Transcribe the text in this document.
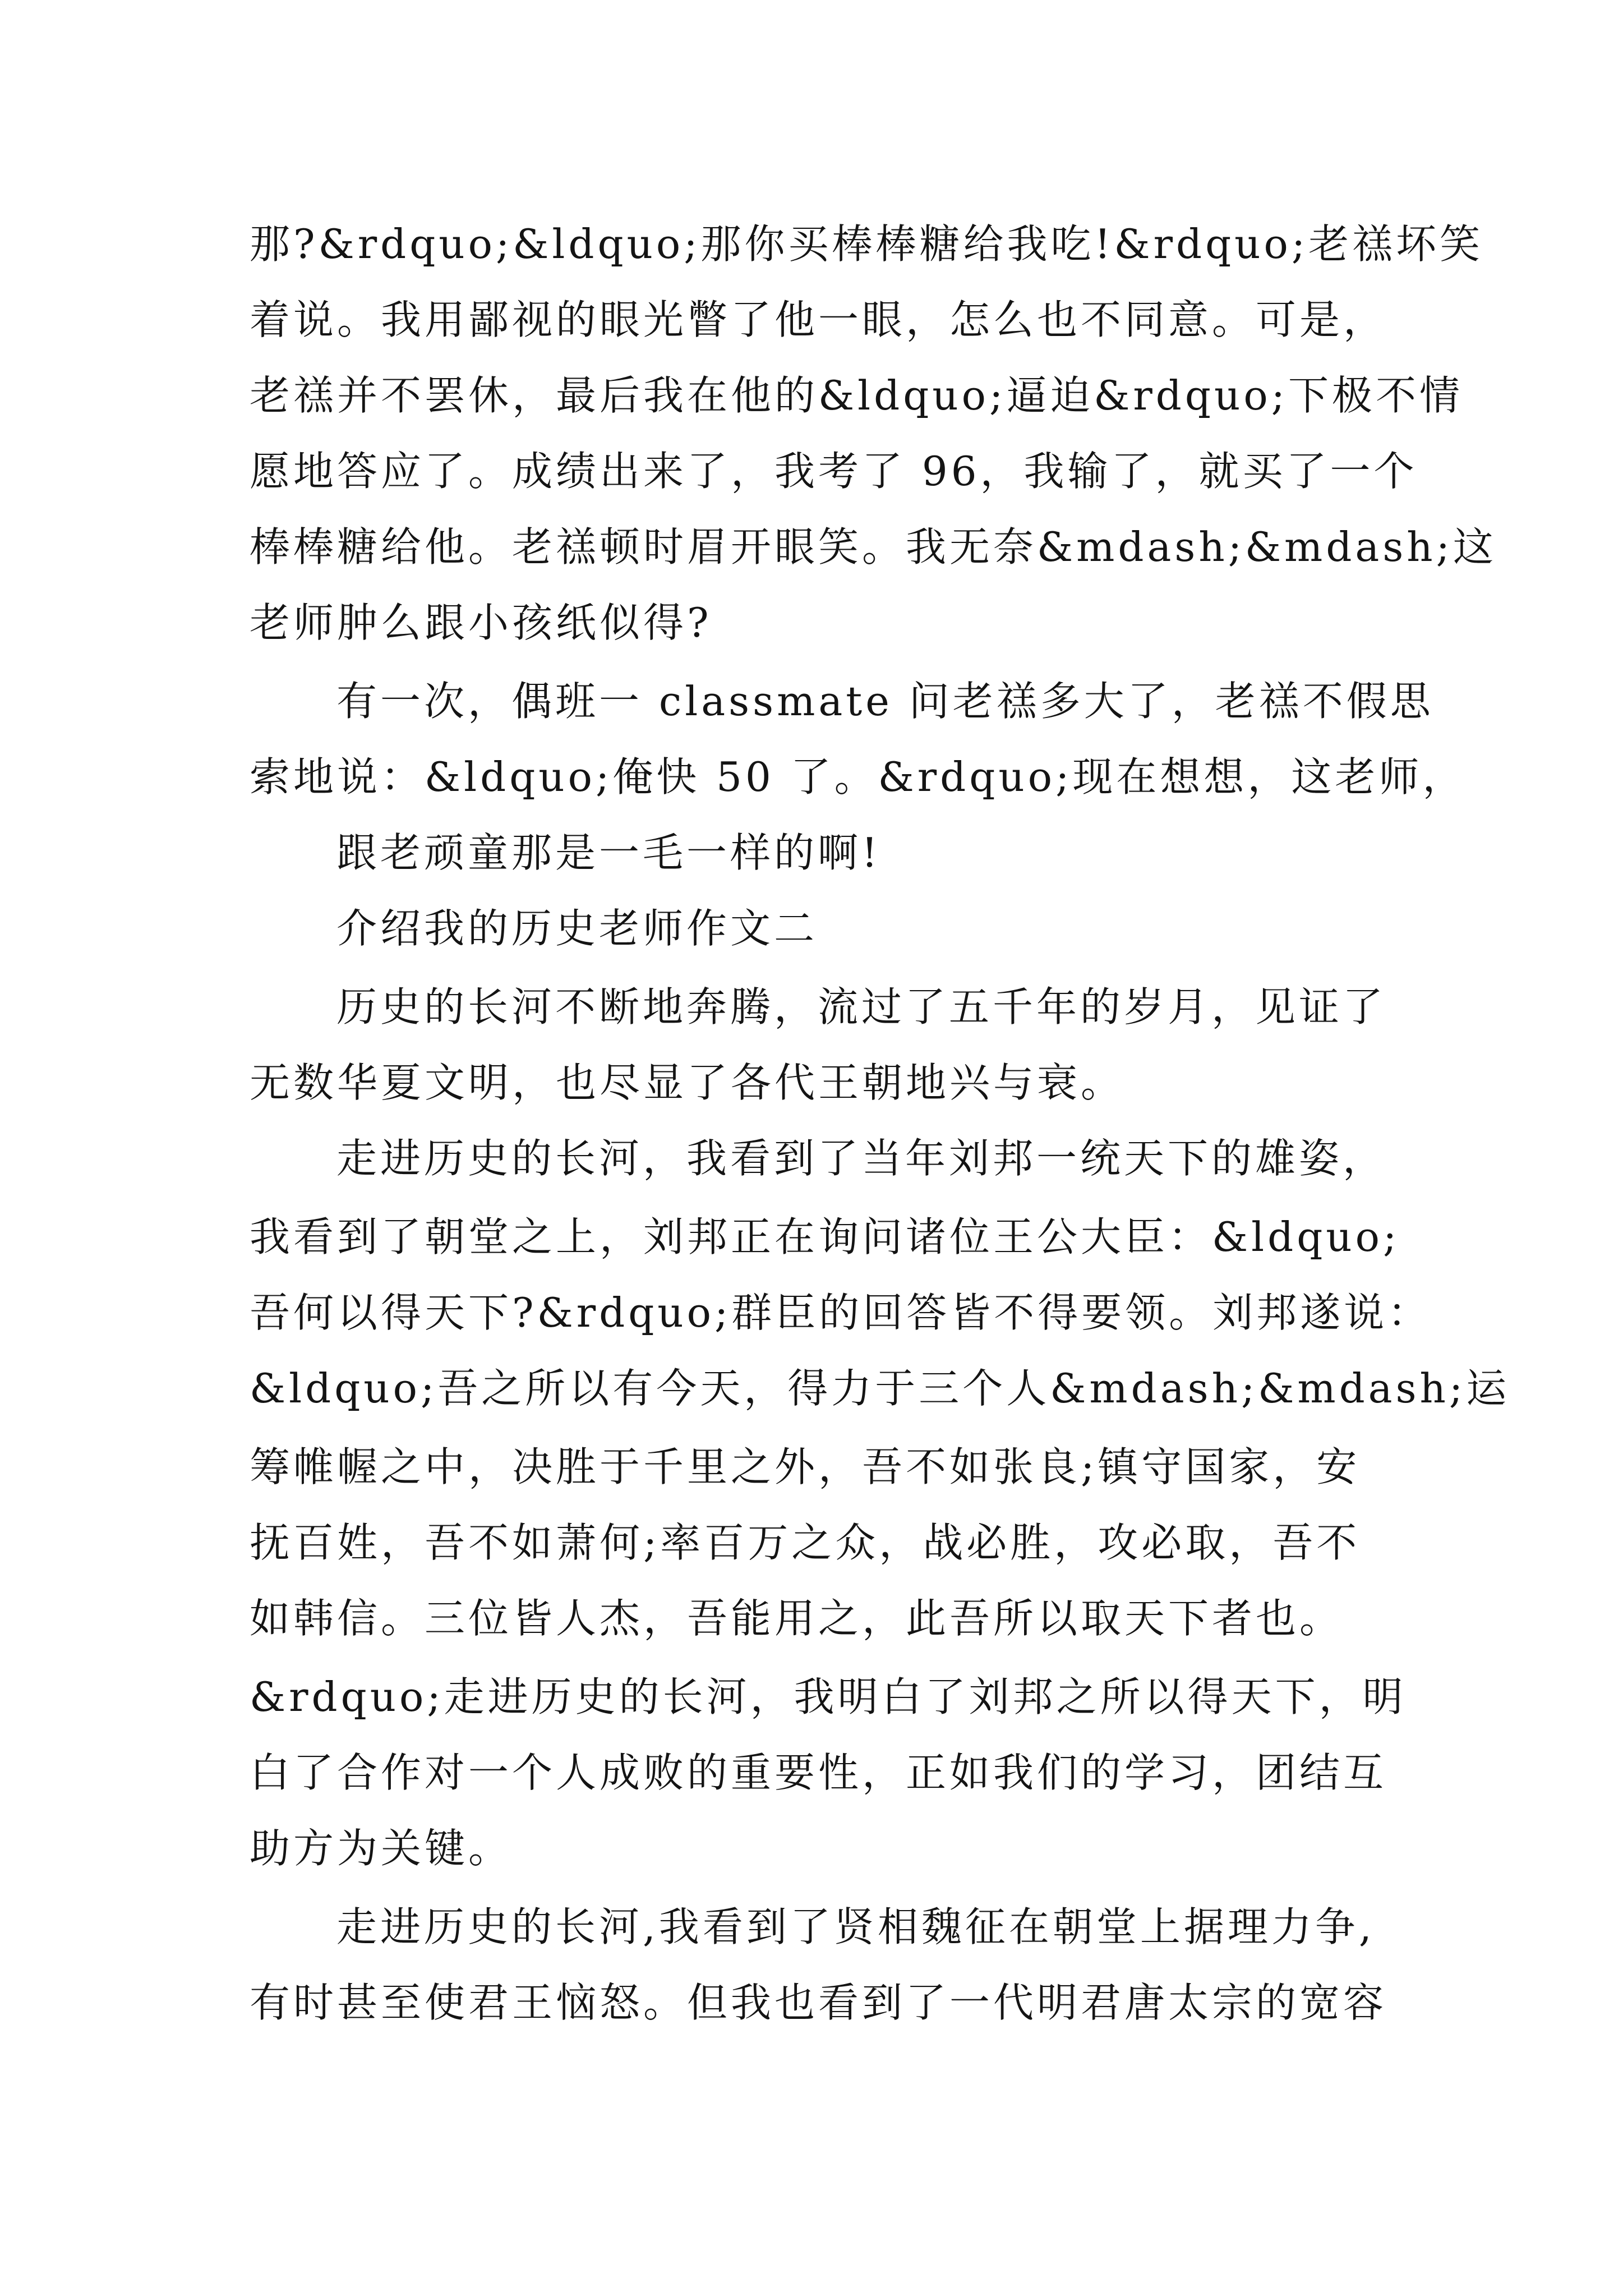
那?&rdquo;&ldquo;那你买棒棒糖给我吃!&rdquo;老禚坏笑
着说。我用鄙视的眼光瞥了他一眼，怎么也不同意。可是，
老禚并不罢休，最后我在他的&ldquo;逼迫&rdquo;下极不情
愿地答应了。成绩出来了，我考了 96，我输了，就买了一个
棒棒糖给他。老禚顿时眉开眼笑。我无奈&mdash;&mdash;这
老师肿么跟小孩纸似得?
有一次，偶班一 classmate 问老禚多大了，老禚不假思
索地说：&ldquo;俺快 50 了。&rdquo;现在想想，这老师，
跟老顽童那是一毛一样的啊!
介绍我的历史老师作文二
历史的长河不断地奔腾，流过了五千年的岁月，见证了
无数华夏文明，也尽显了各代王朝地兴与衰。
走进历史的长河，我看到了当年刘邦一统天下的雄姿，
我看到了朝堂之上，刘邦正在询问诸位王公大臣：&ldquo;
吾何以得天下?&rdquo;群臣的回答皆不得要领。刘邦遂说：
&ldquo;吾之所以有今天，得力于三个人&mdash;&mdash;运
筹帷幄之中，决胜于千里之外，吾不如张良;镇守国家，安
抚百姓，吾不如萧何;率百万之众，战必胜，攻必取，吾不
如韩信。三位皆人杰，吾能用之，此吾所以取天下者也。
&rdquo;走进历史的长河，我明白了刘邦之所以得天下，明
白了合作对一个人成败的重要性，正如我们的学习，团结互
助方为关键。
走进历史的长河,我看到了贤相魏征在朝堂上据理力争,
有时甚至使君王恼怒。但我也看到了一代明君唐太宗的宽容
